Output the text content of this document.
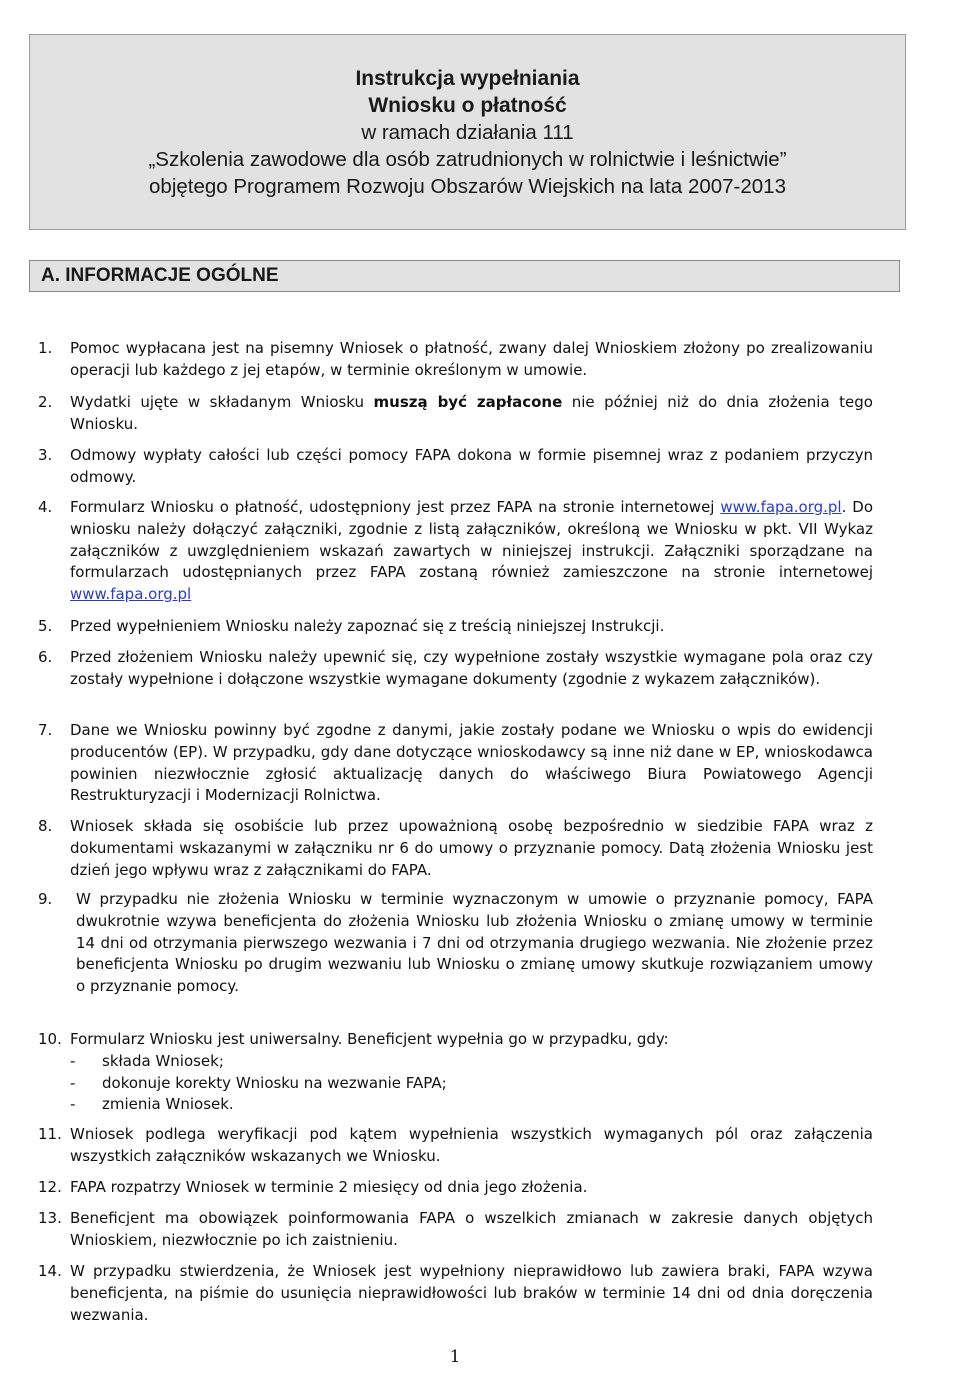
Instrukcja wypełniania
Wniosku o płatność
w ramach działania 111
„Szkolenia zawodowe dla osób zatrudnionych w rolnictwie i leśnictwie”
objętego Programem Rozwoju Obszarów Wiejskich na lata 2007-2013
A. INFORMACJE OGÓLNE
1. Pomoc wypłacana jest na pisemny Wniosek o płatność, zwany dalej Wnioskiem złożony po zrealizowaniu operacji lub każdego z jej etapów, w terminie określonym w umowie.
2. Wydatki ujęte w składanym Wniosku muszą być zapłacone nie później niż do dnia złożenia tego Wniosku.
3. Odmowy wypłaty całości lub części pomocy FAPA dokona w formie pisemnej wraz z podaniem przyczyn odmowy.
4. Formularz Wniosku o płatność, udostępniony jest przez FAPA na stronie internetowej www.fapa.org.pl. Do wniosku należy dołączyć załączniki, zgodnie z listą załączników, określoną we Wniosku w pkt. VII Wykaz załączników z uwzględnieniem wskazań zawartych w niniejszej instrukcji. Załączniki sporządzane na formularzach udostępnianych przez FAPA zostaną również zamieszczone na stronie internetowej www.fapa.org.pl
5. Przed wypełnieniem Wniosku należy zapoznać się z treścią niniejszej Instrukcji.
6. Przed złożeniem Wniosku należy upewnić się, czy wypełnione zostały wszystkie wymagane pola oraz czy zostały wypełnione i dołączone wszystkie wymagane dokumenty (zgodnie z wykazem załączników).
7. Dane we Wniosku powinny być zgodne z danymi, jakie zostały podane we Wniosku o wpis do ewidencji producentów (EP). W przypadku, gdy dane dotyczące wnioskodawcy są inne niż dane w EP, wnioskodawca powinien niezwłocznie zgłosić aktualizację danych do właściwego Biura Powiatowego Agencji Restrukturyzacji i Modernizacji Rolnictwa.
8. Wniosek składa się osobiście lub przez upoważnioną osobę bezpośrednio w siedzibie FAPA wraz z dokumentami wskazanymi w załączniku nr 6 do umowy o przyznanie pomocy. Datą złożenia Wniosku jest dzień jego wpływu wraz z załącznikami do FAPA.
9. W przypadku nie złożenia Wniosku w terminie wyznaczonym w umowie o przyznanie pomocy, FAPA dwukrotnie wzywa beneficjenta do złożenia Wniosku lub złożenia Wniosku o zmianę umowy w terminie 14 dni od otrzymania pierwszego wezwania i 7 dni od otrzymania drugiego wezwania. Nie złożenie przez beneficjenta Wniosku po drugim wezwaniu lub Wniosku o zmianę umowy skutkuje rozwiązaniem umowy o przyznanie pomocy.
10. Formularz Wniosku jest uniwersalny. Beneficjent wypełnia go w przypadku, gdy:
- składa Wniosek;
- dokonuje korekty Wniosku na wezwanie FAPA;
- zmienia Wniosek.
11. Wniosek podlega weryfikacji pod kątem wypełnienia wszystkich wymaganych pól oraz załączenia wszystkich załączników wskazanych we Wniosku.
12. FAPA rozpatrzy Wniosek w terminie 2 miesięcy od dnia jego złożenia.
13. Beneficjent ma obowiązek poinformowania FAPA o wszelkich zmianach w zakresie danych objętych Wnioskiem, niezwłocznie po ich zaistnieniu.
14. W przypadku stwierdzenia, że Wniosek jest wypełniony nieprawidłowo lub zawiera braki, FAPA wzywa beneficjenta, na piśmie do usunięcia nieprawidłowości lub braków w terminie 14 dni od dnia doręczenia wezwania.
1
